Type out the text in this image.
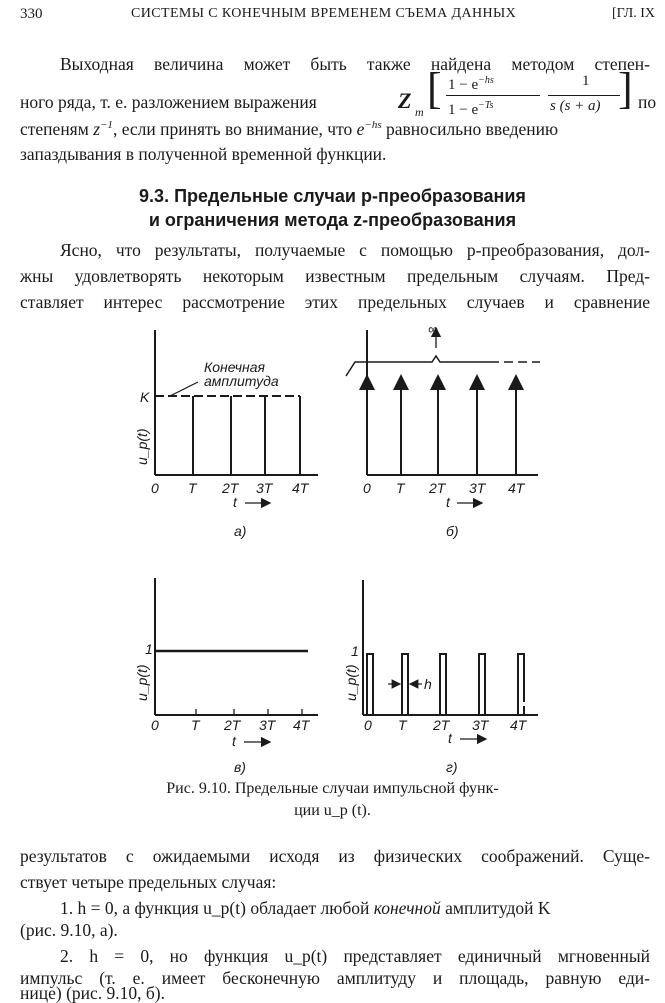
330	СИСТЕМЫ С КОНЕЧНЫМ ВРЕМЕНЕМ СЪЕМА ДАННЫХ	[ГЛ. IX
Выходная величина может быть также найдена методом степен-
ного ряда, т. е. разложением выражения	Z m [ $1 - e^{-hs}$
$1 - e^{-Ts}$
1
s (s + a) ] по
степеням $z^{-1}$, если принять во внимание, что $e^{-hs}$ равносильно введению
запаздывания в полученной временной функции.
9.3. Предельные случаи p-преобразования
и ограничения метода z-преобразования
Ясно, что результаты, получаемые с помощью p-преобразования, дол-
жны удовлетворять некоторым известным предельным случаям. Пред-
ставляет интерес рассмотрение этих предельных случаев и сравнение
K
Конечная
амплитуда
u_p(t)
0 T 2T 3T 4T
t
а)
∞
0 T 2T 3T 4T
t
б)
1
u_p(t)
0 T 2T 3T 4T
t
в)
1
u_p(t)	h
0 T 2T 3T 4T
t
г)
Рис. 9.10. Предельные случаи импульсной функ-
ции u_p (t).
результатов с ожидаемыми исходя из физических соображений. Суще-
ствует четыре предельных случая:
1. h = 0, а функция u_p(t) обладает любой конечной амплитудой K
(рис. 9.10, а).
2. h = 0, но функция u_p(t) представляет единичный мгновенный
импульс (т. е. имеет бесконечную амплитуду и площадь, равную еди-
нице) (рис. 9.10, б).
